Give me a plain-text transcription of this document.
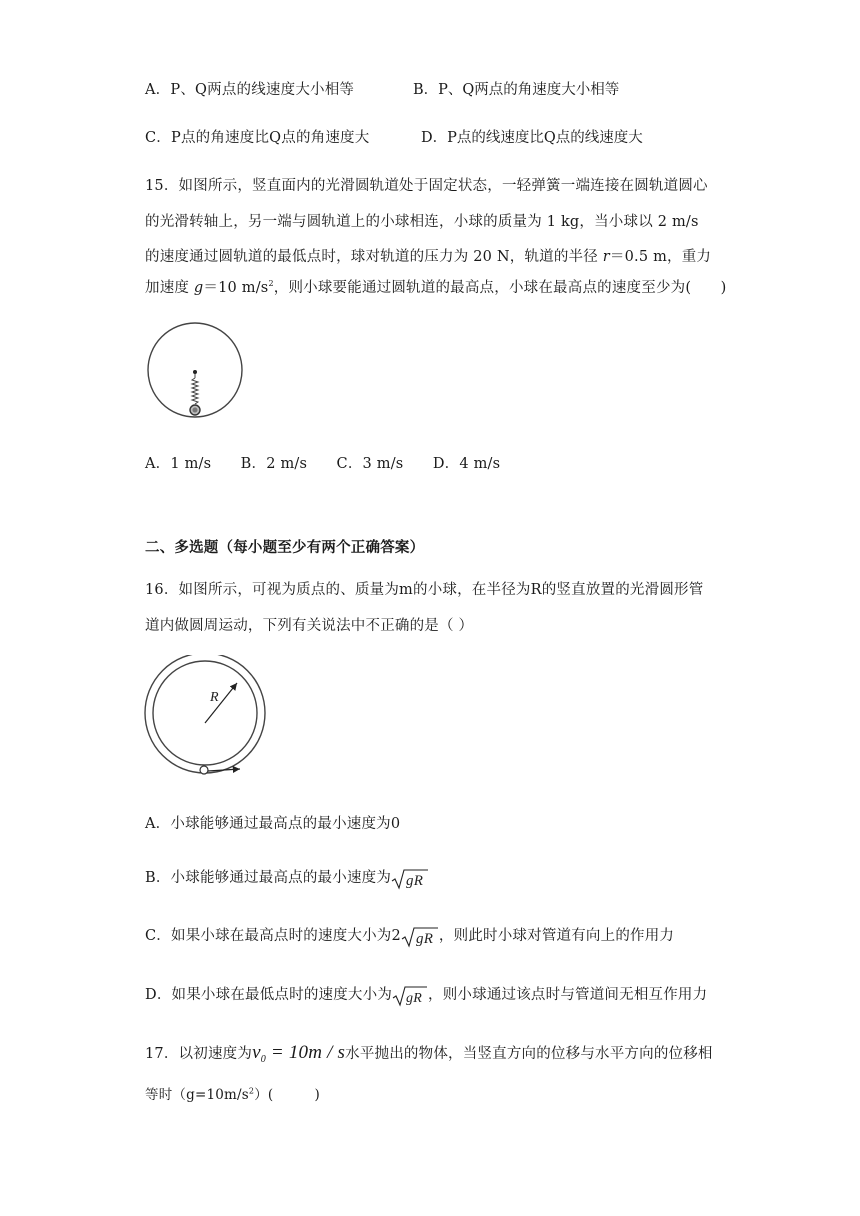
A．P、Q两点的线速度大小相等	B．P、Q两点的角速度大小相等
C．P点的角速度比Q点的角速度大	D．P点的线速度比Q点的线速度大
15．如图所示，竖直面内的光滑圆轨道处于固定状态，一轻弹簧一端连接在圆轨道圆心
的光滑转轴上，另一端与圆轨道上的小球相连，小球的质量为 1 kg，当小球以 2 m/s
的速度通过圆轨道的最低点时，球对轨道的压力为 20 N，轨道的半径 r＝0.5 m，重力
加速度 g＝10 $m/s^2$，则小球要能通过圆轨道的最高点，小球在最高点的速度至少为(　　)
A．1 m/s　　B．2 m/s　　C．3 m/s　　D．4 m/s
二、多选题（每小题至少有两个正确答案）
16．如图所示，可视为质点的、质量为m的小球，在半径为R的竖直放置的光滑圆形管
道内做圆周运动，下列有关说法中不正确的是（ ）
R
A．小球能够通过最高点的最小速度为0
B．小球能够通过最高点的最小速度为 gR
C．如果小球在最高点时的速度大小为2 gR ，则此时小球对管道有向上的作用力
D．如果小球在最低点时的速度大小为 gR ，则小球通过该点时与管道间无相互作用力
17．以初速度为$v_0 = 10m / s$水平抛出的物体，当竖直方向的位移与水平方向的位移相
等时$(g=10m/s^2)$(　　　)
